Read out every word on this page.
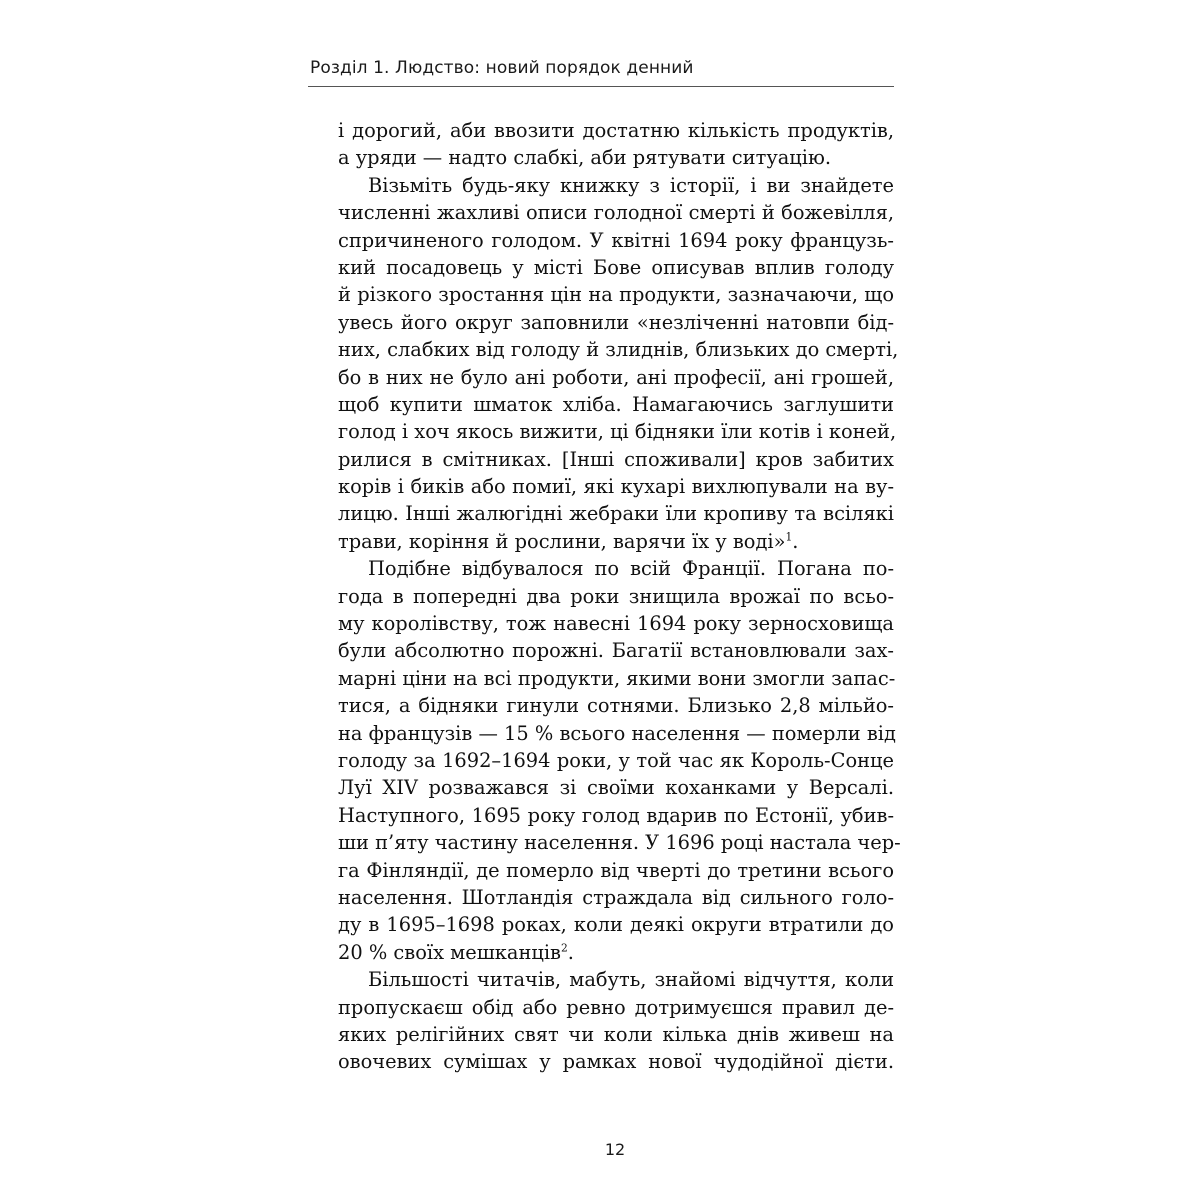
Розділ 1. Людство: новий порядок денний
і дорогий, аби ввозити достатню кількість продуктів,
а уряди — надто слабкі, аби рятувати ситуацію.
Візьміть будь-яку книжку з історії, і ви знайдете
численні жахливі описи голодної смерті й божевілля,
спричиненого голодом. У квітні 1694 року французь-
кий посадовець у місті Бове описував вплив голоду
й різкого зростання цін на продукти, зазначаючи, що
увесь його округ заповнили «незліченні натовпи бід-
них, слабких від голоду й злиднів, близьких до смерті,
бо в них не було ані роботи, ані професії, ані грошей,
щоб купити шматок хліба. Намагаючись заглушити
голод і хоч якось вижити, ці бідняки їли котів і коней,
рилися в смітниках. [Інші споживали] кров забитих
корів і биків або помиї, які кухарі вихлюпували на ву-
лицю. Інші жалюгідні жебраки їли кропиву та всілякі
трави, коріння й рослини, варячи їх у воді»$^1$.
Подібне відбувалося по всій Франції. Погана по-
года в попередні два роки знищила врожаї по всьо-
му королівству, тож навесні 1694 року зерносховища
були абсолютно порожні. Багатії встановлювали зах-
марні ціни на всі продукти, якими вони змогли запас-
тися, а бідняки гинули сотнями. Близько 2,8 мільйо-
на французів — 15 % всього населення — померли від
голоду за 1692–1694 роки, у той час як Король-Сонце
Луї XIV розважався зі своїми коханками у Версалі.
Наступного, 1695 року голод вдарив по Естонії, убив-
ши п’яту частину населення. У 1696 році настала чер-
га Фінляндії, де померло від чверті до третини всього
населення. Шотландія страждала від сильного голо-
ду в 1695–1698 роках, коли деякі округи втратили до
20 % своїх мешканців$^2$.
Більшості читачів, мабуть, знайомі відчуття, коли
пропускаєш обід або ревно дотримуєшся правил де-
яких релігійних свят чи коли кілька днів живеш на
овочевих сумішах у рамках нової чудодійної дієти.
12
